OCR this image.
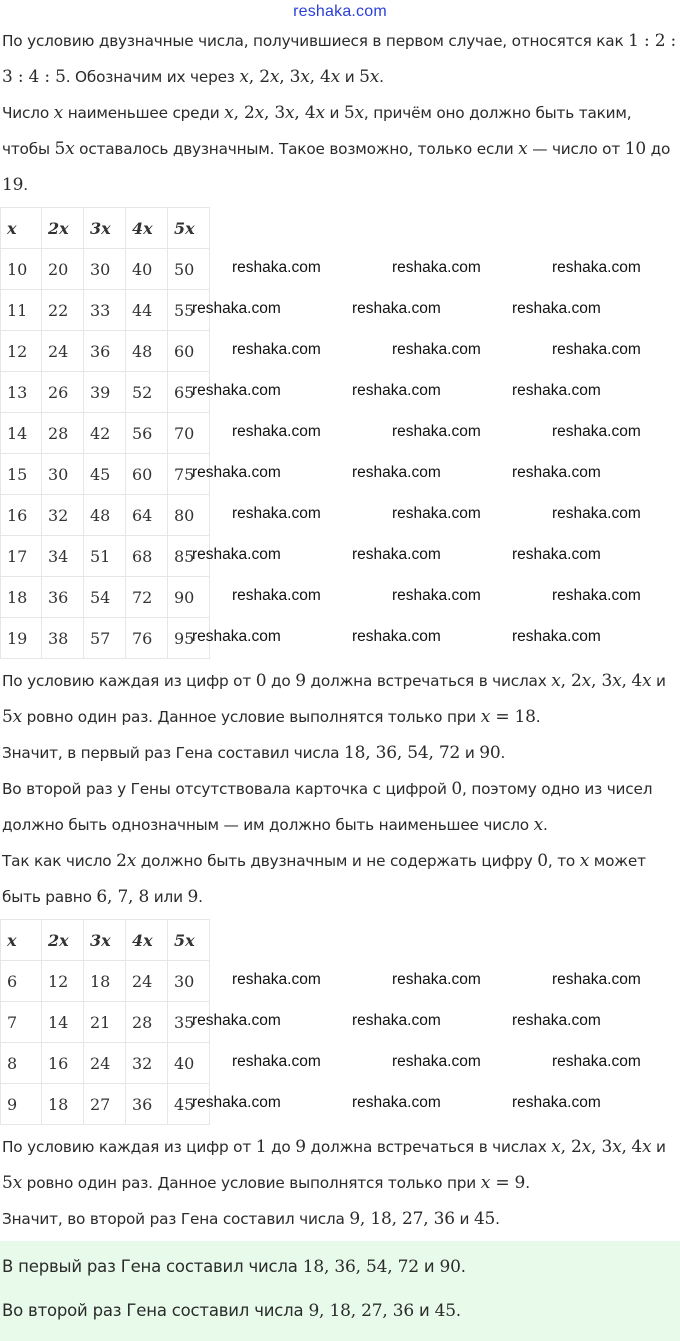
reshaka.com
По условию двузначные числа, получившиеся в первом случае, относятся как 1 : 2 : 3 : 4 : 5. Обозначим их через x, 2x, 3x, 4x и 5x.
Число x наименьшее среди x, 2x, 3x, 4x и 5x, причём оно должно быть таким, чтобы 5x оставалось двузначным. Такое возможно, только если x — число от 10 до 19.
x	2x	3x	4x	5x
10	20	30	40	50
11	22	33	44	55
12	24	36	48	60
13	26	39	52	65
14	28	42	56	70
15	30	45	60	75
16	32	48	64	80
17	34	51	68	85
18	36	54	72	90
19	38	57	76	95
reshaka.com	reshaka.com	reshaka.com
reshaka.com	reshaka.com	reshaka.com
reshaka.com	reshaka.com	reshaka.com
reshaka.com	reshaka.com	reshaka.com
reshaka.com	reshaka.com	reshaka.com
reshaka.com	reshaka.com	reshaka.com
reshaka.com	reshaka.com	reshaka.com
reshaka.com	reshaka.com	reshaka.com
reshaka.com	reshaka.com	reshaka.com
reshaka.com	reshaka.com	reshaka.com
По условию каждая из цифр от 0 до 9 должна встречаться в числах x, 2x, 3x, 4x и 5x ровно один раз. Данное условие выполнятся только при x = 18.
Значит, в первый раз Гена составил числа 18, 36, 54, 72 и 90.
Во второй раз у Гены отсутствовала карточка с цифрой 0, поэтому одно из чисел должно быть однозначным — им должно быть наименьшее число x.
Так как число 2x должно быть двузначным и не содержать цифру 0, то x может быть равно 6, 7, 8 или 9.
x	2x	3x	4x	5x
6	12	18	24	30
7	14	21	28	35
8	16	24	32	40
9	18	27	36	45
reshaka.com	reshaka.com	reshaka.com
reshaka.com	reshaka.com	reshaka.com
reshaka.com	reshaka.com	reshaka.com
reshaka.com	reshaka.com	reshaka.com
По условию каждая из цифр от 1 до 9 должна встречаться в числах x, 2x, 3x, 4x и 5x ровно один раз. Данное условие выполнятся только при x = 9.
Значит, во второй раз Гена составил числа 9, 18, 27, 36 и 45.
В первый раз Гена составил числа 18, 36, 54, 72 и 90.
Во второй раз Гена составил числа 9, 18, 27, 36 и 45.
